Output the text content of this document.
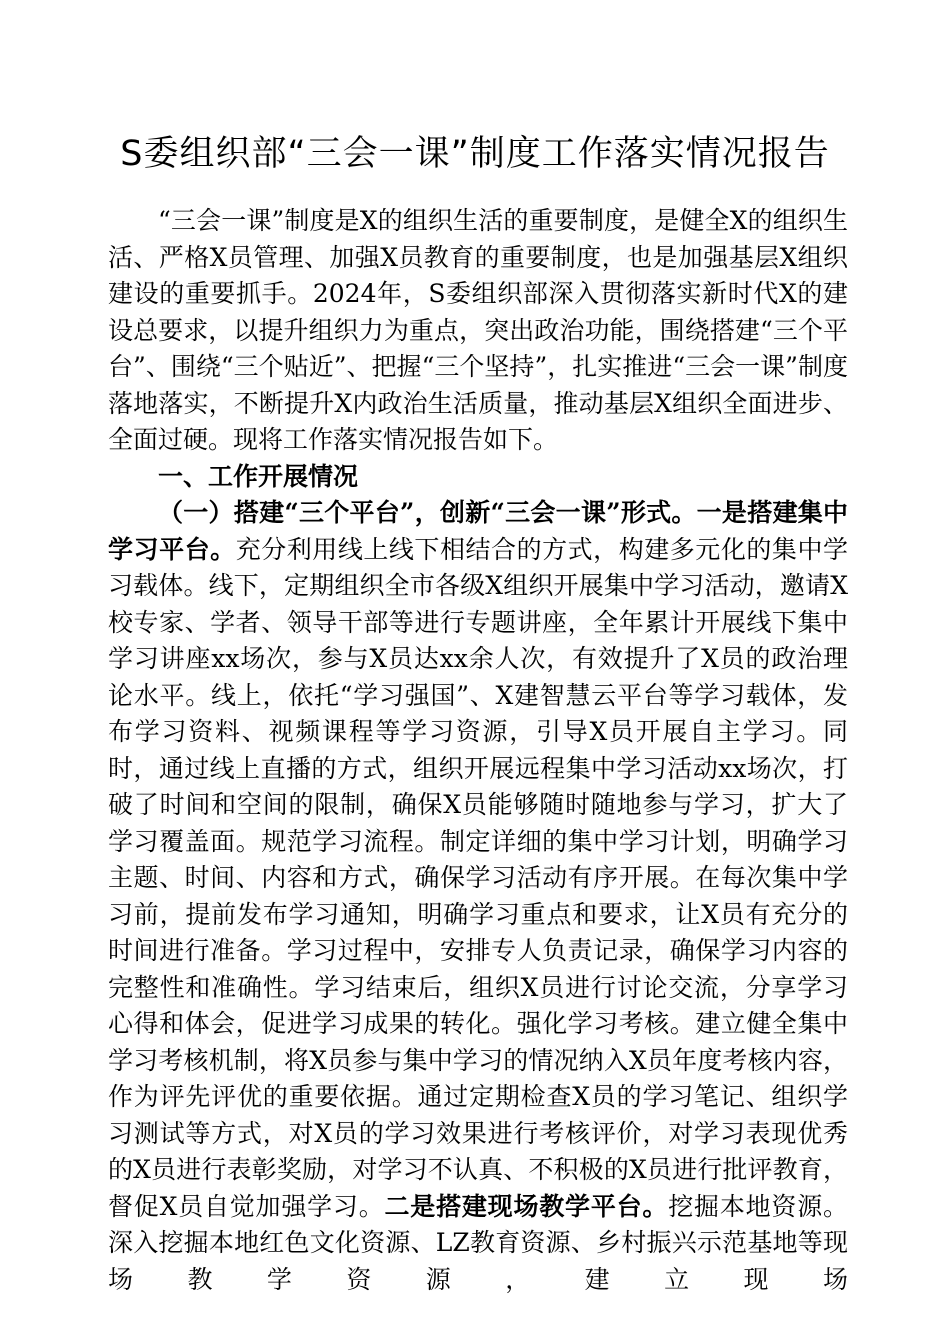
S委组织部“三会一课”制度工作落实情况报告

“三会一课”制度是X的组织生活的重要制度，是健全X的组织生活、严格X员管理、加强X员教育的重要制度，也是加强基层X组织建设的重要抓手。2024年，S委组织部深入贯彻落实新时代X的建设总要求，以提升组织力为重点，突出政治功能，围绕搭建“三个平台”、围绕“三个贴近”、把握“三个坚持”，扎实推进“三会一课”制度落地落实，不断提升X内政治生活质量，推动基层X组织全面进步、全面过硬。现将工作落实情况报告如下。

一、工作开展情况

（一）搭建“三个平台”，创新“三会一课”形式。一是搭建集中学习平台。充分利用线上线下相结合的方式，构建多元化的集中学习载体。线下，定期组织全市各级X组织开展集中学习活动，邀请X校专家、学者、领导干部等进行专题讲座，全年累计开展线下集中学习讲座xx场次，参与X员达xx余人次，有效提升了X员的政治理论水平。线上，依托“学习强国”、X建智慧云平台等学习载体，发布学习资料、视频课程等学习资源，引导X员开展自主学习。同时，通过线上直播的方式，组织开展远程集中学习活动xx场次，打破了时间和空间的限制，确保X员能够随时随地参与学习，扩大了学习覆盖面。规范学习流程。制定详细的集中学习计划，明确学习主题、时间、内容和方式，确保学习活动有序开展。在每次集中学习前，提前发布学习通知，明确学习重点和要求，让X员有充分的时间进行准备。学习过程中，安排专人负责记录，确保学习内容的完整性和准确性。学习结束后，组织X员进行讨论交流，分享学习心得和体会，促进学习成果的转化。强化学习考核。建立健全集中学习考核机制，将X员参与集中学习的情况纳入X员年度考核内容，作为评先评优的重要依据。通过定期检查X员的学习笔记、组织学习测试等方式，对X员的学习效果进行考核评价，对学习表现优秀的X员进行表彰奖励，对学习不认真、不积极的X员进行批评教育，督促X员自觉加强学习。二是搭建现场教学平台。挖掘本地资源。深入挖掘本地红色文化资源、LZ教育资源、乡村振兴示范基地等现场教学资源，建立现场
